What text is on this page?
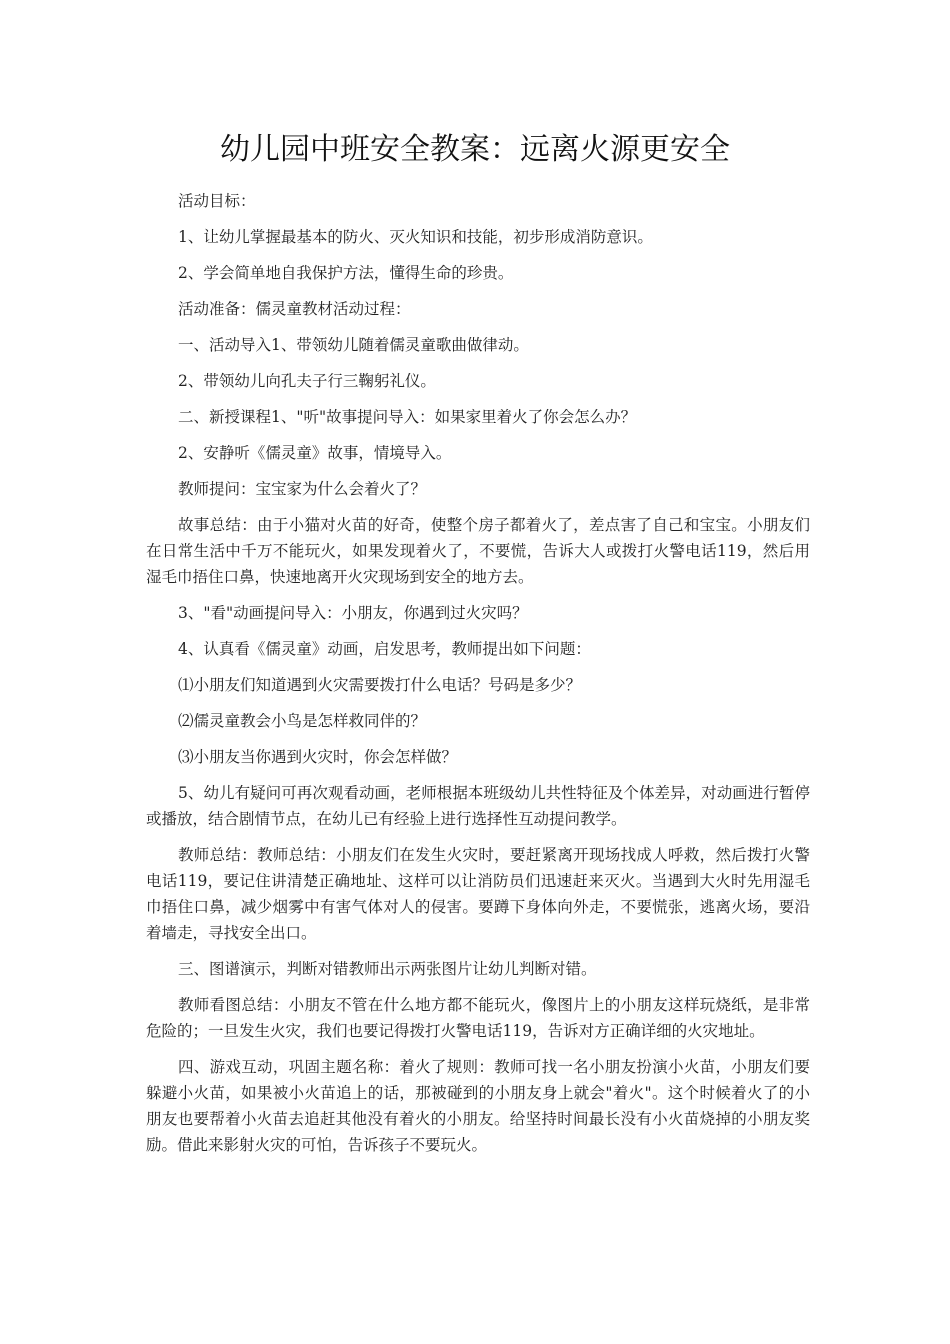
幼儿园中班安全教案：远离火源更安全

活动目标：

1、让幼儿掌握最基本的防火、灭火知识和技能，初步形成消防意识。

2、学会简单地自我保护方法，懂得生命的珍贵。

活动准备：儒灵童教材活动过程：

一、活动导入1、带领幼儿随着儒灵童歌曲做律动。

2、带领幼儿向孔夫子行三鞠躬礼仪。

二、新授课程1、"听"故事提问导入：如果家里着火了你会怎么办？

2、安静听《儒灵童》故事，情境导入。

教师提问：宝宝家为什么会着火了？

故事总结：由于小猫对火苗的好奇，使整个房子都着火了，差点害了自己和宝宝。小朋友们在日常生活中千万不能玩火，如果发现着火了，不要慌，告诉大人或拨打火警电话119，然后用湿毛巾捂住口鼻，快速地离开火灾现场到安全的地方去。

3、"看"动画提问导入：小朋友，你遇到过火灾吗？

4、认真看《儒灵童》动画，启发思考，教师提出如下问题：

⑴小朋友们知道遇到火灾需要拨打什么电话？号码是多少？

⑵儒灵童教会小鸟是怎样救同伴的？

⑶小朋友当你遇到火灾时，你会怎样做？

5、幼儿有疑问可再次观看动画，老师根据本班级幼儿共性特征及个体差异，对动画进行暂停或播放，结合剧情节点，在幼儿已有经验上进行选择性互动提问教学。

教师总结：教师总结：小朋友们在发生火灾时，要赶紧离开现场找成人呼救，然后拨打火警电话119，要记住讲清楚正确地址、这样可以让消防员们迅速赶来灭火。当遇到大火时先用湿毛巾捂住口鼻，减少烟雾中有害气体对人的侵害。要蹲下身体向外走，不要慌张，逃离火场，要沿着墙走，寻找安全出口。

三、图谱演示，判断对错教师出示两张图片让幼儿判断对错。

教师看图总结：小朋友不管在什么地方都不能玩火，像图片上的小朋友这样玩烧纸，是非常危险的；一旦发生火灾，我们也要记得拨打火警电话119，告诉对方正确详细的火灾地址。

四、游戏互动，巩固主题名称：着火了规则：教师可找一名小朋友扮演小火苗，小朋友们要躲避小火苗，如果被小火苗追上的话，那被碰到的小朋友身上就会"着火"。这个时候着火了的小朋友也要帮着小火苗去追赶其他没有着火的小朋友。给坚持时间最长没有小火苗烧掉的小朋友奖励。借此来影射火灾的可怕，告诉孩子不要玩火。
